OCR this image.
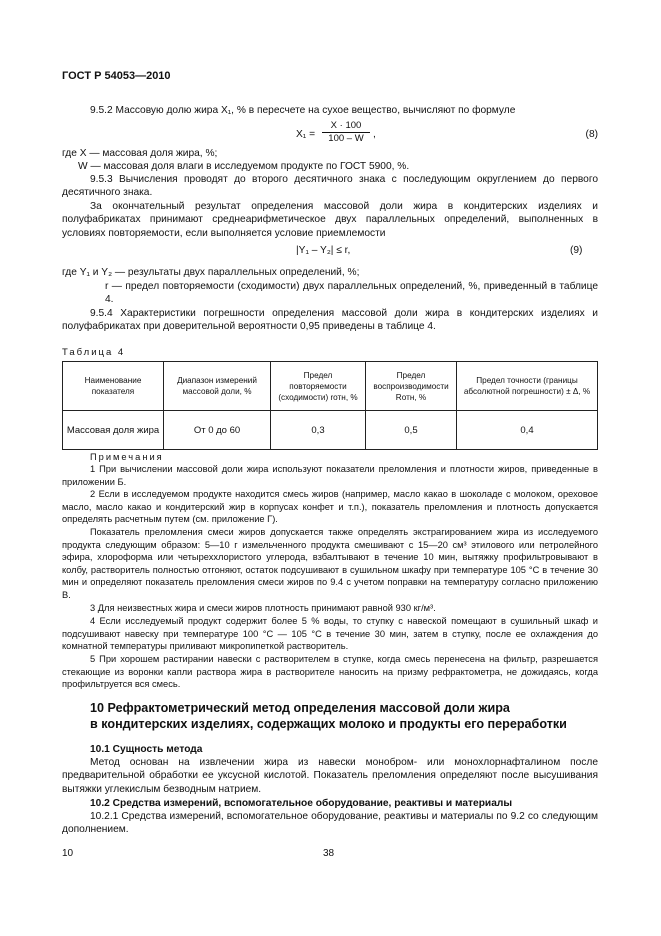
ГОСТ Р 54053—2010
9.5.2 Массовую долю жира X₁, % в пересчете на сухое вещество, вычисляют по формуле
X₁ =
X · 100
100 – W ,	(8)
где X — массовая доля жира, %;
W — массовая доля влаги в исследуемом продукте по ГОСТ 5900, %.
9.5.3 Вычисления проводят до второго десятичного знака с последующим округлением до первого десятичного знака.
За окончательный результат определения массовой доли жира в кондитерских изделиях и полуфабрикатах принимают среднеарифметическое двух параллельных определений, выполненных в условиях повторяемости, если выполняется условие приемлемости
|Y₁ – Y₂| ≤ r,	(9)
где Y₁ и Y₂ — результаты двух параллельных определений, %;
r — предел повторяемости (сходимости) двух параллельных определений, %, приведенный в таблице 4.
9.5.4 Характеристики погрешности определения массовой доли жира в кондитерских изделиях и полуфабрикатах при доверительной вероятности 0,95 приведены в таблице 4.
Таблица 4
Наименование показателя	Диапазон измерений массовой доли, %	Предел повторяемости (сходимости) rотн, %	Предел воспроизводимости Rотн, %	Предел точности (границы абсолютной погрешности) ± Δ, %
Массовая доля жира	От 0 до 60	0,3	0,5	0,4
Примечания
1 При вычислении массовой доли жира используют показатели преломления и плотности жиров, приведенные в приложении Б.
2 Если в исследуемом продукте находится смесь жиров (например, масло какао в шоколаде с молоком, ореховое масло, масло какао и кондитерский жир в корпусах конфет и т.п.), показатель преломления и плотность допускается определять расчетным путем (см. приложение Г).
Показатель преломления смеси жиров допускается также определять экстрагированием жира из исследуемого продукта следующим образом: 5—10 г измельченного продукта смешивают с 15—20 см³ этилового или петролейного эфира, хлороформа или четыреххлористого углерода, взбалтывают в течение 10 мин, вытяжку профильтровывают в колбу, растворитель полностью отгоняют, остаток подсушивают в сушильном шкафу при температуре 105 °С в течение 30 мин и определяют показатель преломления смеси жиров по 9.4 с учетом поправки на температуру согласно приложению В.
3 Для неизвестных жира и смеси жиров плотность принимают равной 930 кг/м³.
4 Если исследуемый продукт содержит более 5 % воды, то ступку с навеской помещают в сушильный шкаф и подсушивают навеску при температуре 100 °С — 105 °С в течение 30 мин, затем в ступку, после ее охлаждения до комнатной температуры приливают микропипеткой растворитель.
5 При хорошем растирании навески с растворителем в ступке, когда смесь перенесена на фильтр, разрешается стекающие из воронки капли раствора жира в растворителе наносить на призму рефрактометра, не дожидаясь, когда профильтруется вся смесь.
10 Рефрактометрический метод определения массовой доли жира
в кондитерских изделиях, содержащих молоко и продукты его переработки
10.1 Сущность метода
Метод основан на извлечении жира из навески монобром- или монохлорнафталином после предварительной обработки ее уксусной кислотой. Показатель преломления определяют после высушивания вытяжки углекислым безводным натрием.
10.2 Средства измерений, вспомогательное оборудование, реактивы и материалы
10.2.1 Средства измерений, вспомогательное оборудование, реактивы и материалы по 9.2 со следующим дополнением.
10	38
